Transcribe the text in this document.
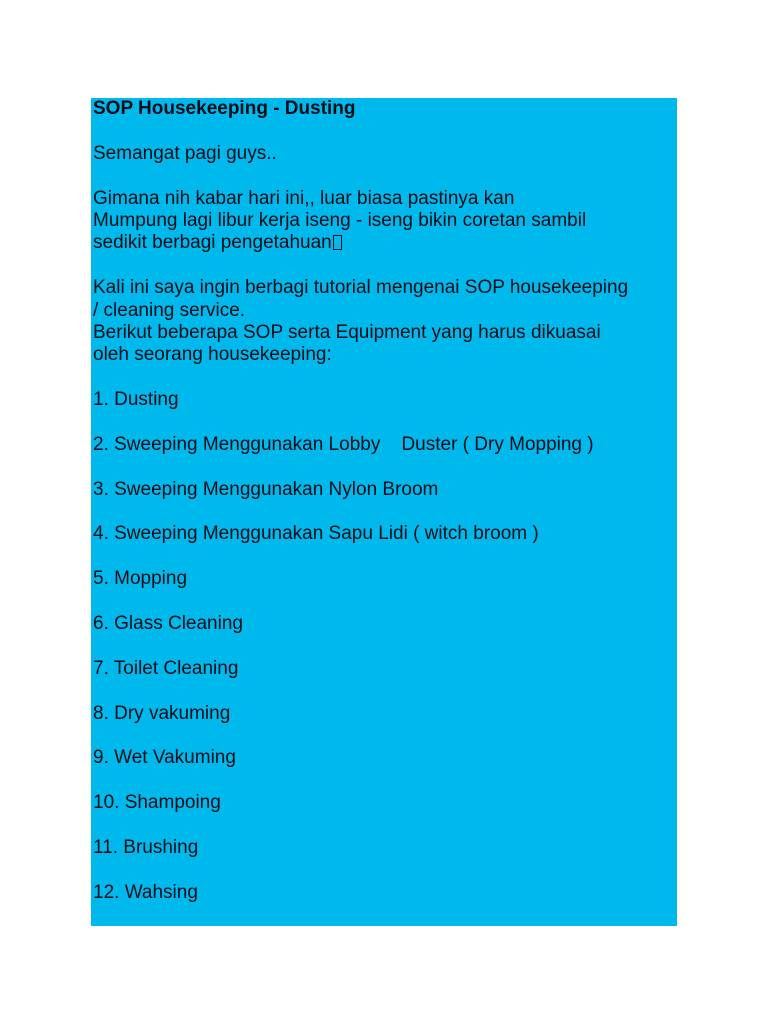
SOP Housekeeping - Dusting
Semangat pagi guys..
Gimana nih kabar hari ini,, luar biasa pastinya kan
Mumpung lagi libur kerja iseng - iseng bikin coretan sambil
sedikit berbagi pengetahuan
Kali ini saya ingin berbagi tutorial mengenai SOP housekeeping
/ cleaning service.
Berikut beberapa SOP serta Equipment yang harus dikuasai
oleh seorang housekeeping:
1. Dusting
2. Sweeping Menggunakan Lobby    Duster ( Dry Mopping )
3. Sweeping Menggunakan Nylon Broom
4. Sweeping Menggunakan Sapu Lidi ( witch broom )
5. Mopping
6. Glass Cleaning
7. Toilet Cleaning
8. Dry vakuming
9. Wet Vakuming
10. Shampoing
11. Brushing
12. Wahsing
